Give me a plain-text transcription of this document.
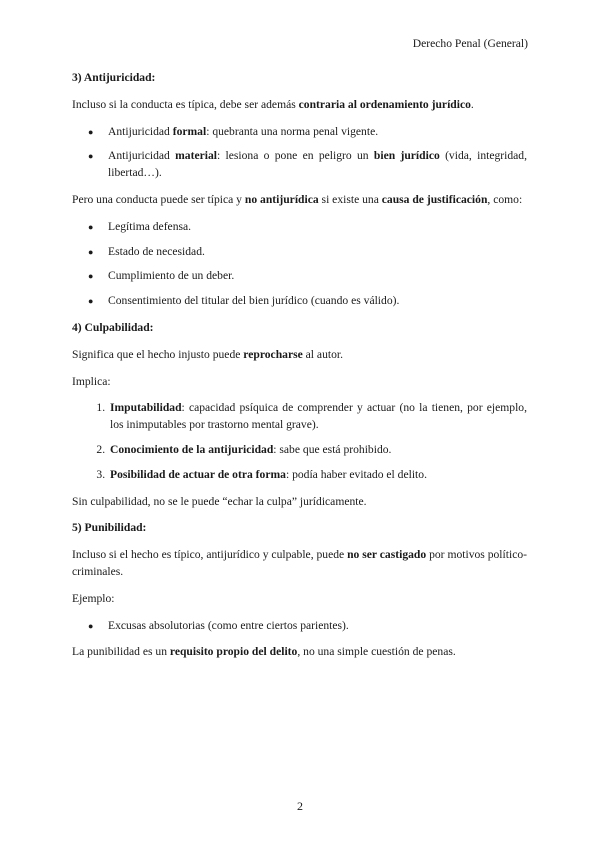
Derecho Penal (General)
3) Antijuricidad:

Incluso si la conducta es típica, debe ser además contraria al ordenamiento jurídico.

● Antijuricidad formal: quebranta una norma penal vigente.
● Antijuricidad material: lesiona o pone en peligro un bien jurídico (vida, integridad, libertad…).

Pero una conducta puede ser típica y no antijurídica si existe una causa de justificación, como:

● Legítima defensa.
● Estado de necesidad.
● Cumplimiento de un deber.
● Consentimiento del titular del bien jurídico (cuando es válido).
4) Culpabilidad:

Significa que el hecho injusto puede reprocharse al autor.

Implica:

1. Imputabilidad: capacidad psíquica de comprender y actuar (no la tienen, por ejemplo, los inimputables por trastorno mental grave).
2. Conocimiento de la antijuricidad: sabe que está prohibido.
3. Posibilidad de actuar de otra forma: podía haber evitado el delito.

Sin culpabilidad, no se le puede “echar la culpa” jurídicamente.

5) Punibilidad:

Incluso si el hecho es típico, antijurídico y culpable, puede no ser castigado por motivos político-criminales.

Ejemplo:

● Excusas absolutorias (como entre ciertos parientes).

La punibilidad es un requisito propio del delito, no una simple cuestión de penas.

2
